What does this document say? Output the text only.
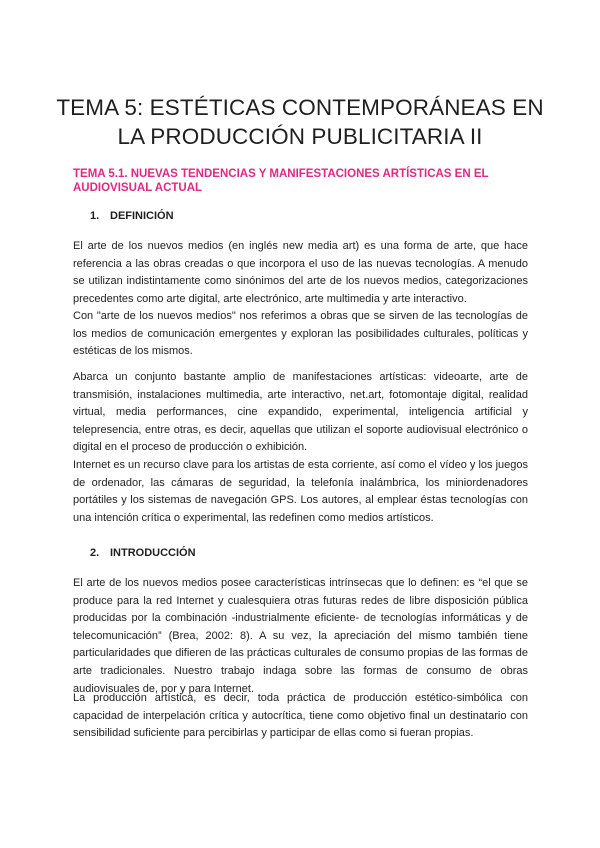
TEMA 5: ESTÉTICAS CONTEMPORÁNEAS EN LA PRODUCCIÓN PUBLICITARIA II
TEMA 5.1. NUEVAS TENDENCIAS Y MANIFESTACIONES ARTÍSTICAS EN EL AUDIOVISUAL ACTUAL
1. DEFINICIÓN

El arte de los nuevos medios (en inglés new media art) es una forma de arte, que hace referencia a las obras creadas o que incorpora el uso de las nuevas tecnologías. A menudo se utilizan indistintamente como sinónimos del arte de los nuevos medios, categorizaciones precedentes como arte digital, arte electrónico, arte multimedia y arte interactivo.

Con "arte de los nuevos medios" nos referimos a obras que se sirven de las tecnologías de los medios de comunicación emergentes y exploran las posibilidades culturales, políticas y estéticas de los mismos.

Abarca un conjunto bastante amplio de manifestaciones artísticas: videoarte, arte de transmisión, instalaciones multimedia, arte interactivo, net.art, fotomontaje digital, realidad virtual, media performances, cine expandido, experimental, inteligencia artificial y telepresencia, entre otras, es decir, aquellas que utilizan el soporte audiovisual electrónico o digital en el proceso de producción o exhibición.

Internet es un recurso clave para los artistas de esta corriente, así como el vídeo y los juegos de ordenador, las cámaras de seguridad, la telefonía inalámbrica, los miniordenadores portátiles y los sistemas de navegación GPS. Los autores, al emplear éstas tecnologías con una intención crítica o experimental, las redefinen como medios artísticos.

2. INTRODUCCIÓN

El arte de los nuevos medios posee características intrínsecas que lo definen: es “el que se produce para la red Internet y cualesquiera otras futuras redes de libre disposición pública producidas por la combinación -industrialmente eficiente- de tecnologías informáticas y de telecomunicación” (Brea, 2002: 8). A su vez, la apreciación del mismo también tiene particularidades que difieren de las prácticas culturales de consumo propias de las formas de arte tradicionales. Nuestro trabajo indaga sobre las formas de consumo de obras audiovisuales de, por y para Internet.

La producción artística, es decir, toda práctica de producción estético-simbólica con capacidad de interpelación crítica y autocrítica, tiene como objetivo final un destinatario con sensibilidad suficiente para percibirlas y participar de ellas como si fueran propias.
